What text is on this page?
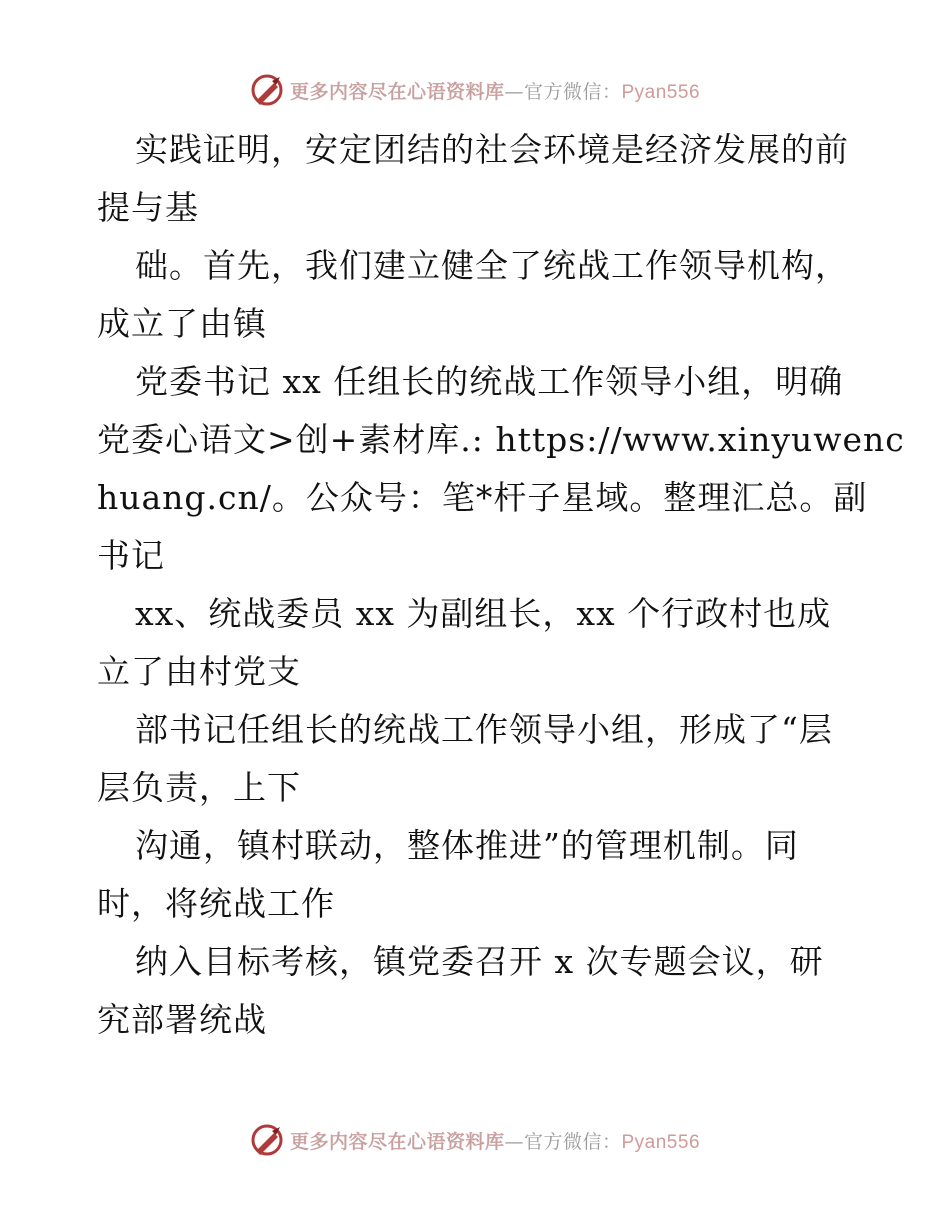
更多内容尽在心语资料库—官方微信：Pyan556
实践证明，安定团结的社会环境是经济发展的前
提与基
础。首先，我们建立健全了统战工作领导机构，
成立了由镇
党委书记 xx 任组长的统战工作领导小组，明确
党委心语文>创+素材库.: https://www.xinyuwenc
huang.cn/。公众号：笔*杆子星域。整理汇总。副
书记
xx、统战委员 xx 为副组长，xx 个行政村也成
立了由村党支
部书记任组长的统战工作领导小组，形成了“层
层负责，上下
沟通，镇村联动，整体推进”的管理机制。同
时，将统战工作
纳入目标考核，镇党委召开 x 次专题会议，研
究部署统战
更多内容尽在心语资料库—官方微信：Pyan556
